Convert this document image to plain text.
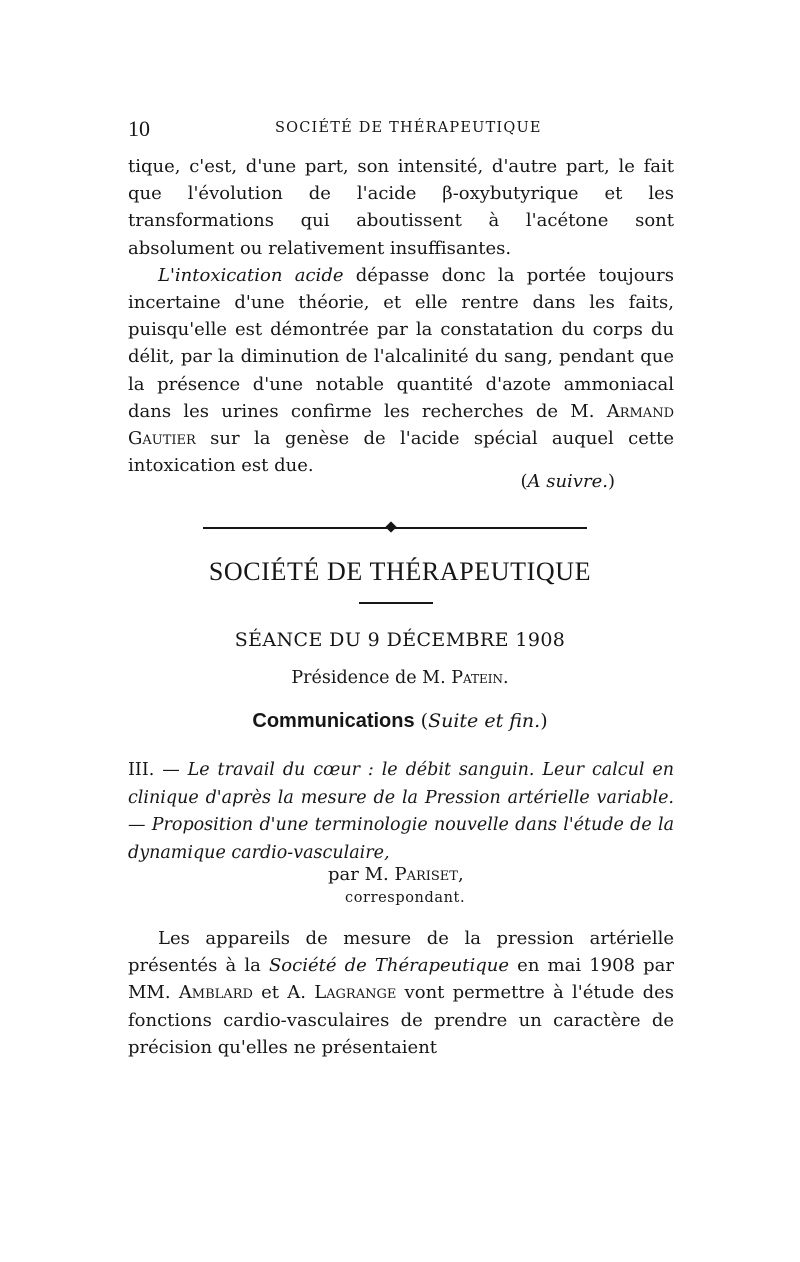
10	SOCIÉTÉ DE THÉRAPEUTIQUE

tique, c'est, d'une part, son intensité, d'autre part, le fait que l'évolution de l'acide β-oxybutyrique et les transformations qui aboutissent à l'acétone sont absolument ou relativement insuffisantes.

L'intoxication acide dépasse donc la portée toujours incertaine d'une théorie, et elle rentre dans les faits, puisqu'elle est démontrée par la constatation du corps du délit, par la diminution de l'alcalinité du sang, pendant que la présence d'une notable quantité d'azote ammoniacal dans les urines confirme les recherches de M. Armand Gautier sur la genèse de l'acide spécial auquel cette intoxication est due.

(A suivre.)
SOCIÉTÉ DE THÉRAPEUTIQUE
SÉANCE DU 9 DÉCEMBRE 1908
Présidence de M. Patein.
Communications (Suite et fin.)
III. — Le travail du cœur : le débit sanguin. Leur calcul en clinique d'après la mesure de la Pression artérielle variable. — Proposition d'une terminologie nouvelle dans l'étude de la dynamique cardio-vasculaire,
par M. Pariset,
correspondant.

Les appareils de mesure de la pression artérielle présentés à la Société de Thérapeutique en mai 1908 par MM. Amblard et A. Lagrange vont permettre à l'étude des fonctions cardio-vasculaires de prendre un caractère de précision qu'elles ne présentaient
